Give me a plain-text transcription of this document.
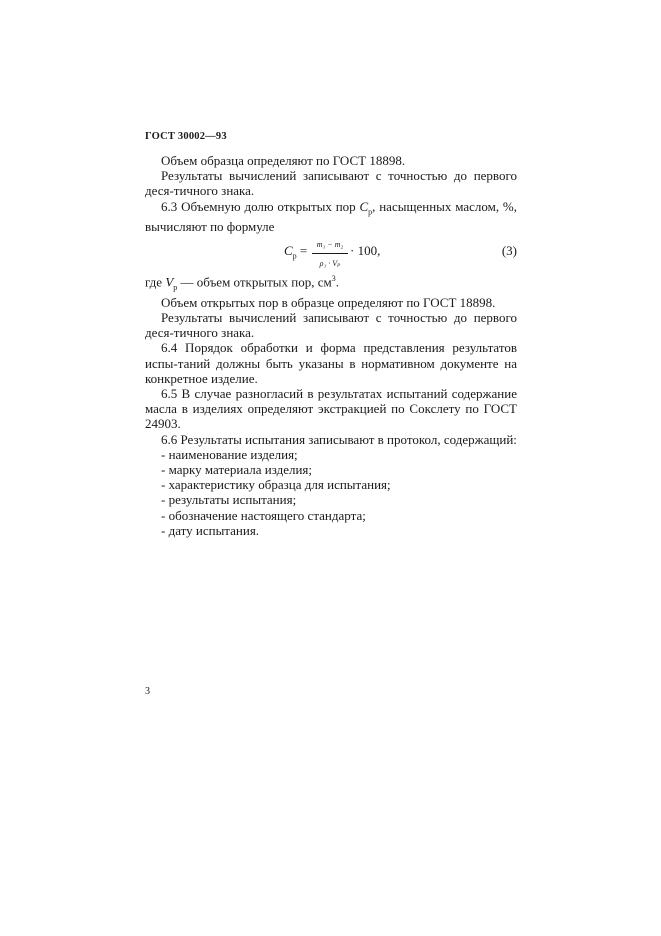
ГОСТ 30002—93

Объем образца определяют по ГОСТ 18898.

Результаты вычислений записывают с точностью до первого деся-тичного знака.

6.3 Объемную долю открытых пор $C_p$, насыщенных маслом, %, вычисляют по формуле

$C_p = \frac{\text{m₁ − m₂}}{\text{ρ₁ · Vₚ}} \cdot 100$,	(3)

где $V_p$ — объем открытых пор, $см^3$.

Объем открытых пор в образце определяют по ГОСТ 18898.

Результаты вычислений записывают с точностью до первого деся-тичного знака.

6.4 Порядок обработки и форма представления результатов испы-таний должны быть указаны в нормативном документе на конкретное изделие.

6.5 В случае разногласий в результатах испытаний содержание масла в изделиях определяют экстракцией по Сокслету по ГОСТ 24903.

6.6 Результаты испытания записывают в протокол, содержащий:

- наименование изделия;

- марку материала изделия;

- характеристику образца для испытания;

- результаты испытания;

- обозначение настоящего стандарта;

- дату испытания.

3
